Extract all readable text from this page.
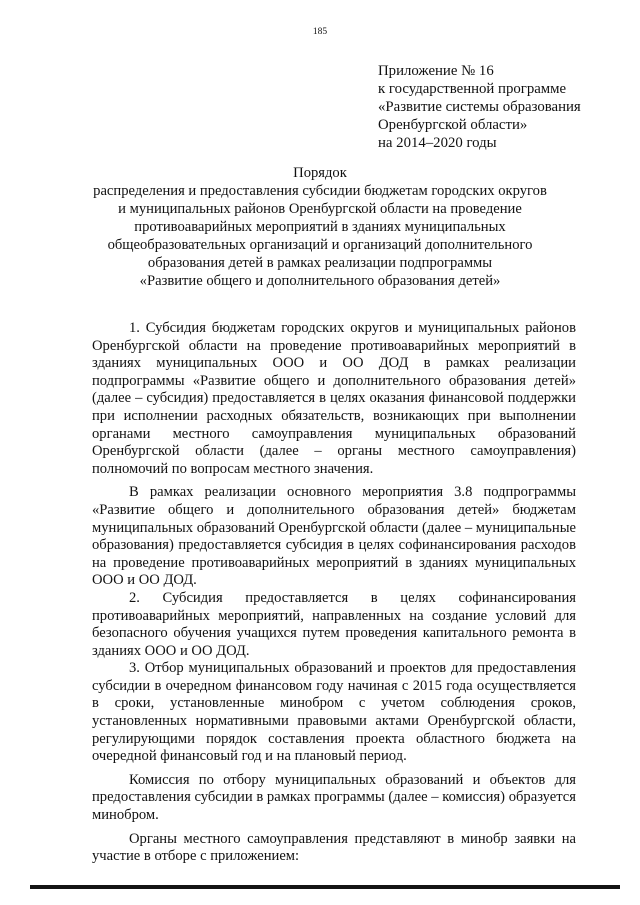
185
Приложение № 16
к государственной программе
«Развитие системы образования
Оренбургской области»
на 2014–2020 годы
Порядок
распределения и предоставления субсидии бюджетам городских округов
и муниципальных районов Оренбургской области на проведение
противоаварийных мероприятий в зданиях муниципальных
общеобразовательных организаций и организаций дополнительного
образования детей в рамках реализации подпрограммы
«Развитие общего и дополнительного образования детей»

1. Субсидия бюджетам городских округов и муниципальных районов Оренбургской области на проведение противоаварийных мероприятий в зданиях муниципальных ООО и ОО ДОД в рамках реализации подпрограммы «Развитие общего и дополнительного образования детей» (далее – субсидия) предоставляется в целях оказания финансовой поддержки при исполнении расходных обязательств, возникающих при выполнении органами местного самоуправления муниципальных образований Оренбургской области (далее – органы местного самоуправления) полномочий по вопросам местного значения.

В рамках реализации основного мероприятия 3.8 подпрограммы «Развитие общего и дополнительного образования детей» бюджетам муниципальных образований Оренбургской области (далее – муниципальные образования) предоставляется субсидия в целях софинансирования расходов на проведение противоаварийных мероприятий в зданиях муниципальных ООО и ОО ДОД.

2. Субсидия предоставляется в целях софинансирования противоаварийных мероприятий, направленных на создание условий для безопасного обучения учащихся путем проведения капитального ремонта в зданиях ООО и ОО ДОД.

3. Отбор муниципальных образований и проектов для предоставления субсидии в очередном финансовом году начиная с 2015 года осуществляется в сроки, установленные минобром с учетом соблюдения сроков, установленных нормативными правовыми актами Оренбургской области, регулирующими порядок составления проекта областного бюджета на очередной финансовый год и на плановый период.

Комиссия по отбору муниципальных образований и объектов для предоставления субсидии в рамках программы (далее – комиссия) образуется минобром.

Органы местного самоуправления представляют в минобр заявки на участие в отборе с приложением:
